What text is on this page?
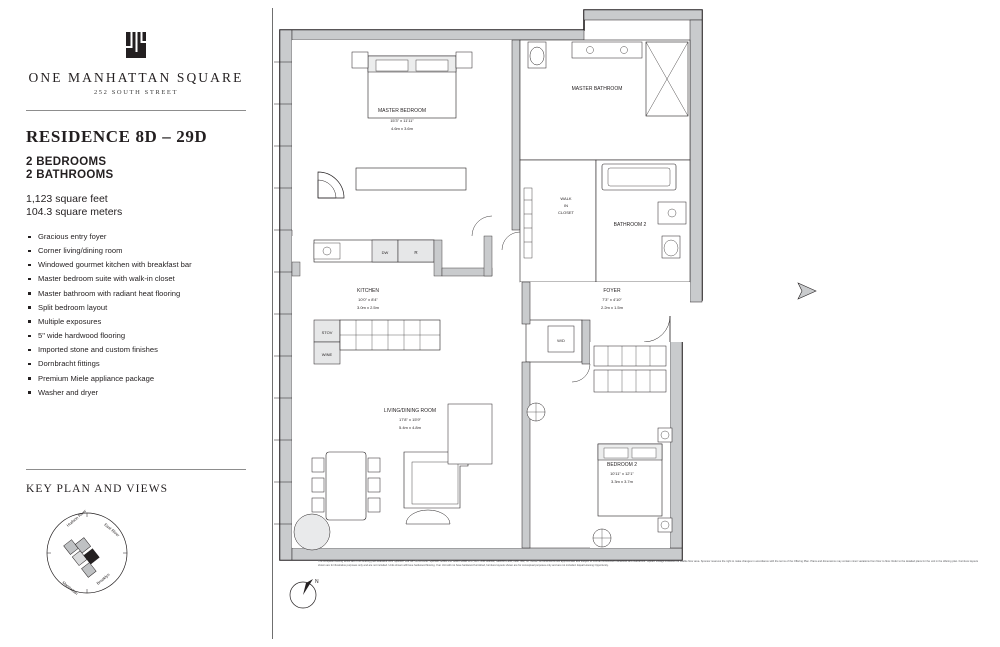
ONE MANHATTAN SQUARE
252 SOUTH STREET
RESIDENCE 8D – 29D
2 BEDROOMS
2 BATHROOMS
1,123 square feet
104.3 square meters
Gracious entry foyer
Corner living/dining room
Windowed gourmet kitchen with breakfast bar
Master bedroom suite with walk-in closet
Master bathroom with radiant heat flooring
Split bedroom layout
Multiple exposures
5" wide hardwood flooring
Imported stone and custom finishes
Dornbracht fittings
Premium Miele appliance package
Washer and dryer
KEY PLAN AND VIEWS
Hudson River
East River
Manhattan
Brooklyn
MASTER BEDROOM
15'3" x 11'11"
4.6m x 3.6m
MASTER BATHROOM
WALK
IN
CLOSET
BATHROOM 2
DW	R
STOV
WINE
KITCHEN
10'0" x 8'4"
3.0m x 2.5m
FOYER
7'3" x 4'10"
2.2m x 1.5m
W/D
LIVING/DINING ROOM
17'8" x 15'9"
5.4m x 4.8m
BEDROOM 2
10'11" x 12'1"
3.3m x 3.7m
N
The complete offering terms are in an offering plan available from Sponsor. File No. CD15-0240. Sponsor: Extell 252 South Street LLC, 805 Third Avenue, Seventh Floor, New York, NY 10022. All dimensions are approximate and subject to normal construction variances and tolerances. Square footage exceeds the usable floor area. Sponsor reserves the right to make changes in accordance with the terms of the Offering Plan. Plans and dimensions may contain minor variations from floor to floor. Refer to the detailed plans for the unit in the offering plan. Furniture layouts shown are for illustrative purposes only and are not included. Units shown will have hardwood flooring. If an Unit will not have hardwood furnished, furniture layouts shown are for conceptual purposes only and are not included. Equal Housing Opportunity.
